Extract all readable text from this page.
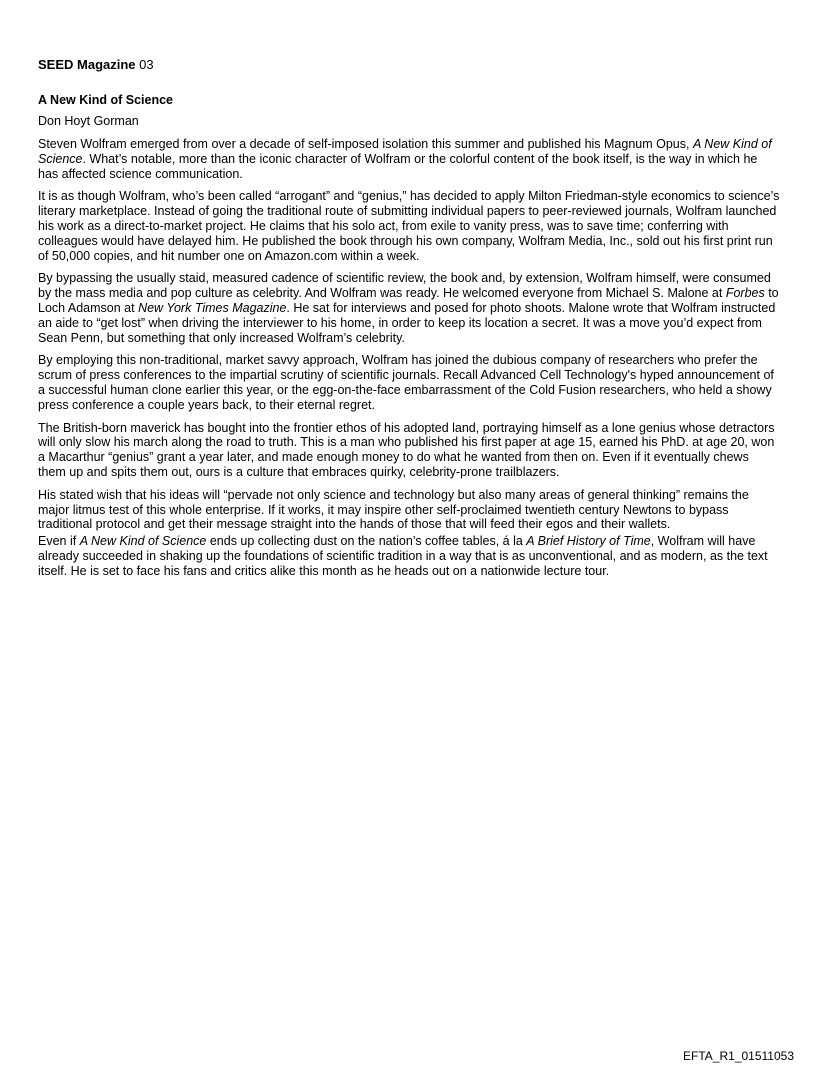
SEED Magazine 03
A New Kind of Science
Don Hoyt Gorman

Steven Wolfram emerged from over a decade of self-imposed isolation this summer and published his Magnum Opus, A New Kind of Science. What’s notable, more than the iconic character of Wolfram or the colorful content of the book itself, is the way in which he has affected science communication.

It is as though Wolfram, who’s been called “arrogant” and “genius,” has decided to apply Milton Friedman-style economics to science’s literary marketplace. Instead of going the traditional route of submitting individual papers to peer-reviewed journals, Wolfram launched his work as a direct-to-market project. He claims that his solo act, from exile to vanity press, was to save time; conferring with colleagues would have delayed him. He published the book through his own company, Wolfram Media, Inc., sold out his first print run of 50,000 copies, and hit number one on Amazon.com within a week.

By bypassing the usually staid, measured cadence of scientific review, the book and, by extension, Wolfram himself, were consumed by the mass media and pop culture as celebrity. And Wolfram was ready. He welcomed everyone from Michael S. Malone at Forbes to Loch Adamson at New York Times Magazine. He sat for interviews and posed for photo shoots. Malone wrote that Wolfram instructed an aide to “get lost” when driving the interviewer to his home, in order to keep its location a secret. It was a move you’d expect from Sean Penn, but something that only increased Wolfram’s celebrity.

By employing this non-traditional, market savvy approach, Wolfram has joined the dubious company of researchers who prefer the scrum of press conferences to the impartial scrutiny of scientific journals. Recall Advanced Cell Technology's hyped announcement of a successful human clone earlier this year, or the egg-on-the-face embarrassment of the Cold Fusion researchers, who held a showy press conference a couple years back, to their eternal regret.

The British-born maverick has bought into the frontier ethos of his adopted land, portraying himself as a lone genius whose detractors will only slow his march along the road to truth. This is a man who published his first paper at age 15, earned his PhD. at age 20, won a Macarthur “genius” grant a year later, and made enough money to do what he wanted from then on. Even if it eventually chews them up and spits them out, ours is a culture that embraces quirky, celebrity-prone trailblazers.

His stated wish that his ideas will “pervade not only science and technology but also many areas of general thinking” remains the major litmus test of this whole enterprise. If it works, it may inspire other self-proclaimed twentieth century Newtons to bypass traditional protocol and get their message straight into the hands of those that will feed their egos and their wallets.

Even if A New Kind of Science ends up collecting dust on the nation’s coffee tables, á la A Brief History of Time, Wolfram will have already succeeded in shaking up the foundations of scientific tradition in a way that is as unconventional, and as modern, as the text itself. He is set to face his fans and critics alike this month as he heads out on a nationwide lecture tour.

EFTA_R1_01511053
